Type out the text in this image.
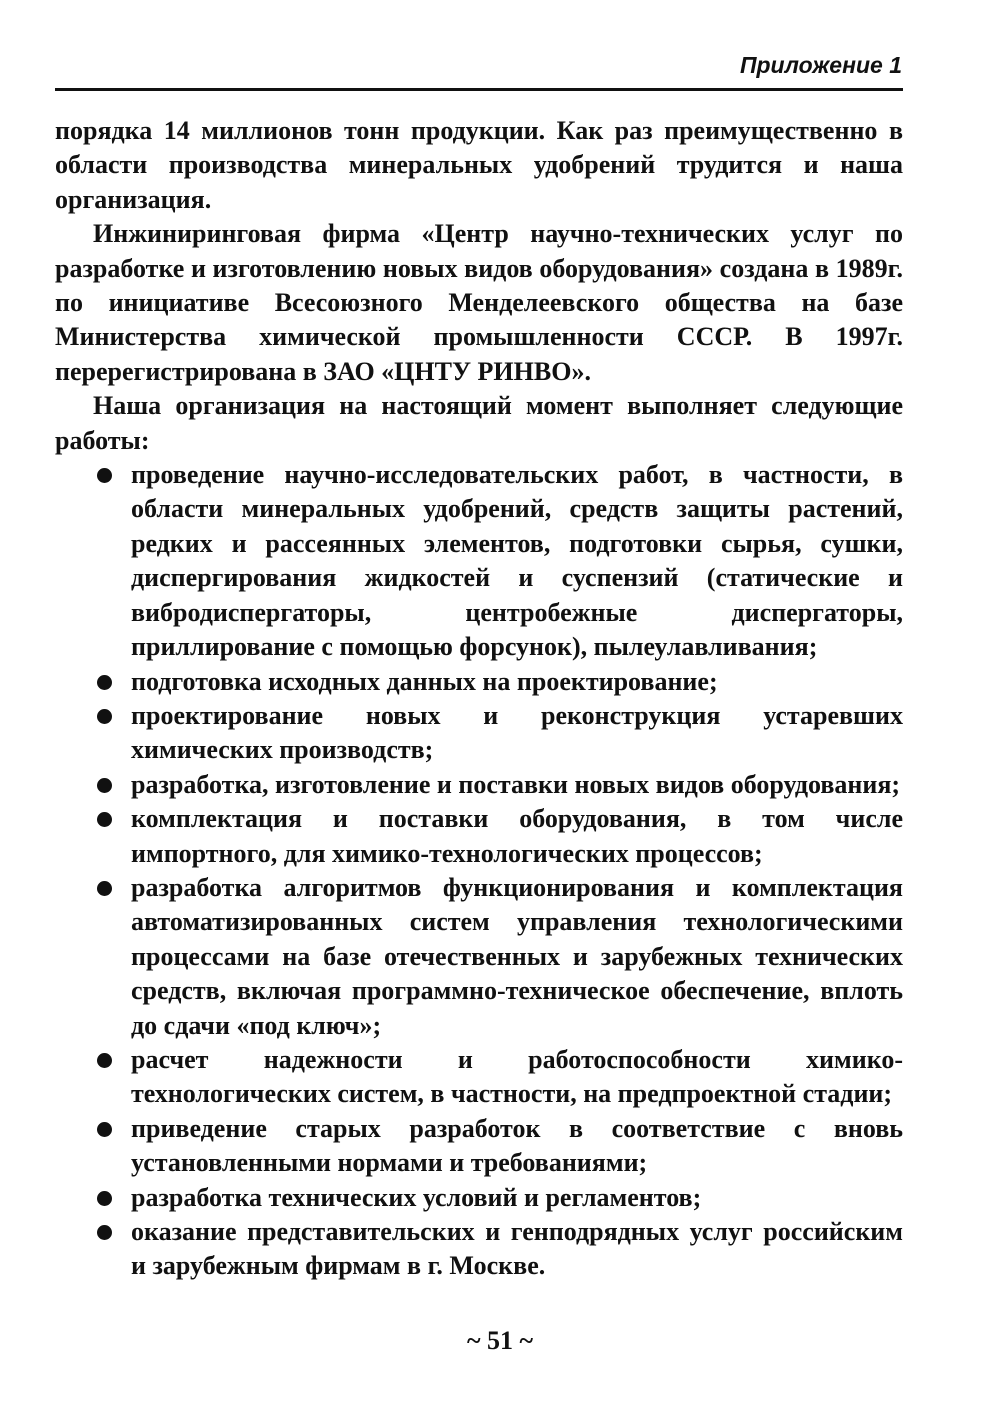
Приложение 1

порядка 14 миллионов тонн продукции. Как раз преимущественно в области производства минеральных удобрений трудится и наша организация.

Инжиниринговая фирма «Центр научно-технических услуг по разработке и изготовлению новых видов оборудования» создана в 1989г. по инициативе Всесоюзного Менделеевского общества на базе Министерства химической промышленности СССР. В 1997г. перерегистрирована в ЗАО «ЦНТУ РИНВО».

Наша организация на настоящий момент выполняет следующие работы:

проведение научно-исследовательских работ, в частности, в области минеральных удобрений, средств защиты растений, редких и рассеянных элементов, подготовки сырья, сушки, диспергирования жидкостей и суспензий (статические и вибродиспергаторы, центробежные диспергаторы, приллирование с помощью форсунок), пылеулавливания;
подготовка исходных данных на проектирование;
проектирование новых и реконструкция устаревших химических производств;
разработка, изготовление и поставки новых видов оборудования;
комплектация и поставки оборудования, в том числе импортного, для химико-технологических процессов;
разработка алгоритмов функционирования и комплектация автоматизированных систем управления технологическими процессами на базе отечественных и зарубежных технических средств, включая программно-техническое обеспечение, вплоть до сдачи «под ключ»;
расчет надежности и работоспособности химико-технологических систем, в частности, на предпроектной стадии;
приведение старых разработок в соответствие с вновь установленными нормами и требованиями;
разработка технических условий и регламентов;
оказание представительских и генподрядных услуг российским и зарубежным фирмам в г. Москве.
~ 51 ~
